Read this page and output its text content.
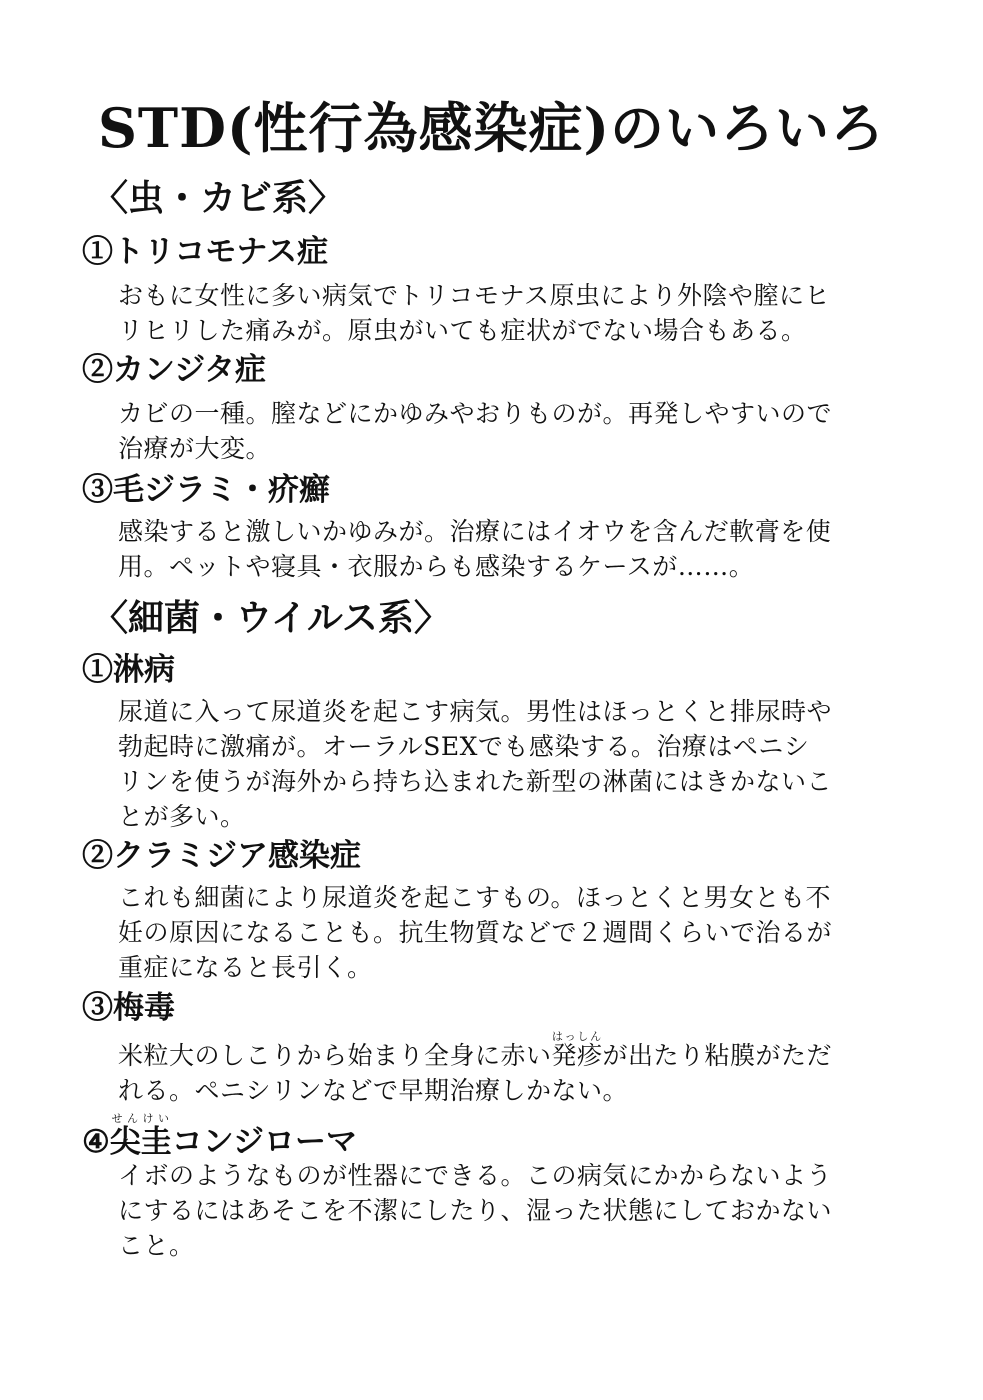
STD(性行為感染症)のいろいろ
〈虫・カビ系〉
①トリコモナス症
おもに女性に多い病気でトリコモナス原虫により外陰や膣にヒ
リヒリした痛みが。原虫がいても症状がでない場合もある。
②カンジタ症
カビの一種。膣などにかゆみやおりものが。再発しやすいので
治療が大変。
③毛ジラミ・疥癬
感染すると激しいかゆみが。治療にはイオウを含んだ軟膏を使
用。ペットや寝具・衣服からも感染するケースが……。
〈細菌・ウイルス系〉
①淋病
尿道に入って尿道炎を起こす病気。男性はほっとくと排尿時や
勃起時に激痛が。オーラルSEXでも感染する。治療はペニシ
リンを使うが海外から持ち込まれた新型の淋菌にはきかないこ
とが多い。
②クラミジア感染症
これも細菌により尿道炎を起こすもの。ほっとくと男女とも不
妊の原因になることも。抗生物質などで２週間くらいで治るが
重症になると長引く。
③梅毒
米粒大のしこりから始まり全身に赤い発疹はっしんが出たり粘膜がただ
れる。ペニシリンなどで早期治療しかない。
④尖圭せんけいコンジローマ
イボのようなものが性器にできる。この病気にかからないよう
にするにはあそこを不潔にしたり、湿った状態にしておかない
こと。
